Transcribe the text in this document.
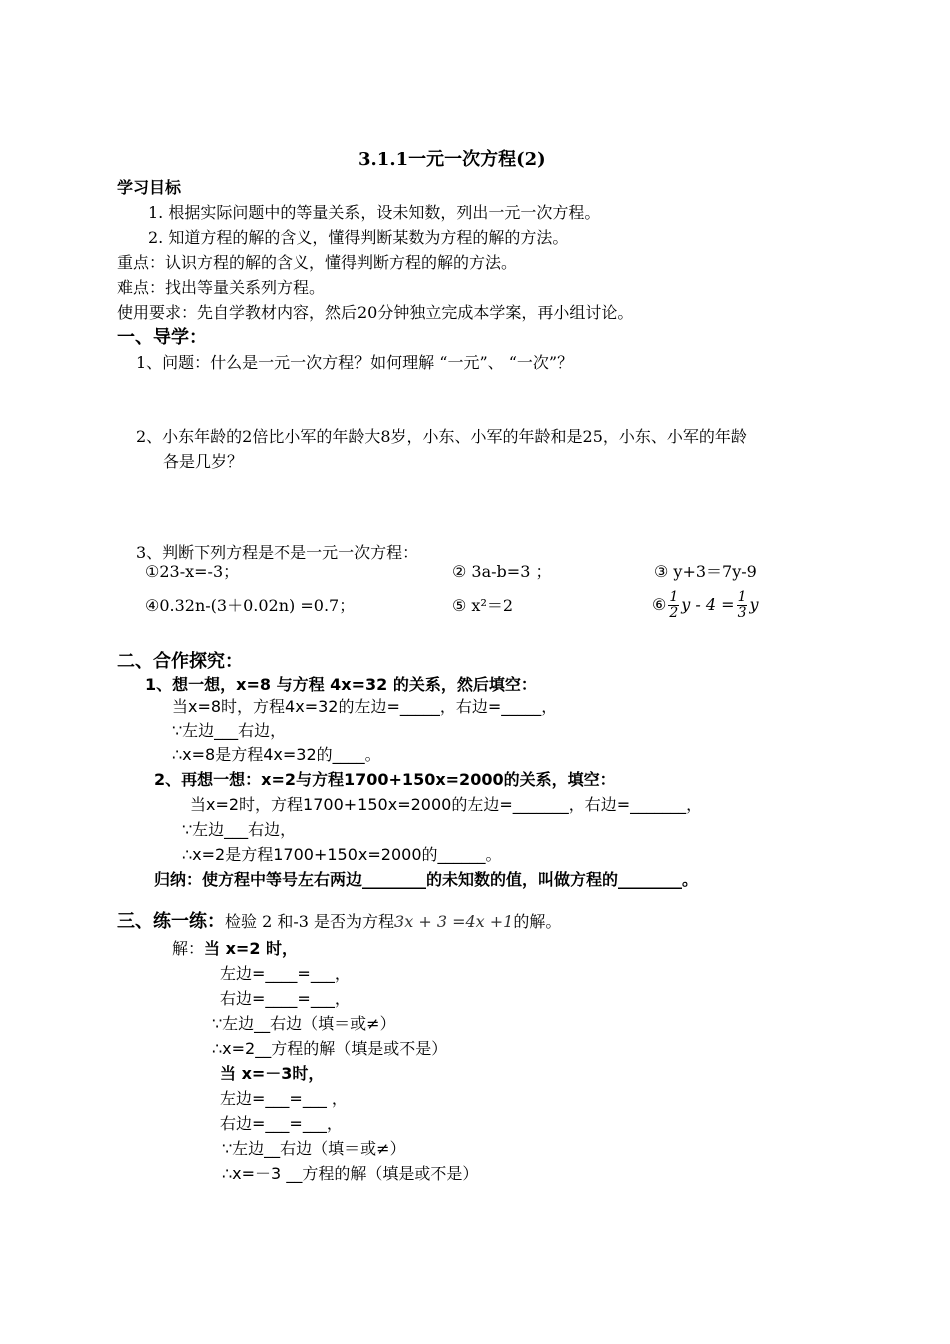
3.1.1一元一次方程(2)
学习目标
1. 根据实际问题中的等量关系，设未知数，列出一元一次方程。
2. 知道方程的解的含义，懂得判断某数为方程的解的方法。
重点：认识方程的解的含义，懂得判断方程的解的方法。
难点：找出等量关系列方程。
使用要求：先自学教材内容，然后20分钟独立完成本学案，再小组讨论。
一、导学：
1、问题：什么是一元一次方程？如何理解 “一元”、 “一次”？
2、小东年龄的2倍比小军的年龄大8岁，小东、小军的年龄和是25，小东、小军的年龄
各是几岁？
3、判断下列方程是不是一元一次方程：
①23-x=-3；	② 3a-b=3 ；	③ y+3＝7y-9
④0.32n-(3＋0.02n) =0.7；	⑤ x²＝2	⑥ $\frac{1}{2}$ $y - 4 = \frac{1}{3}$ y
二、合作探究：
1、想一想，x=8 与方程 4x=32 的关系，然后填空：
当x=8时，方程4x=32的左边=_____，右边=_____，
∵左边___右边，
∴x=8是方程4x=32的____。
2、再想一想：x=2与方程1700+150x=2000的关系，填空：
当x=2时，方程1700+150x=2000的左边=_______，右边=_______，
∵左边___右边，
∴x=2是方程1700+150x=2000的______。
归纳：使方程中等号左右两边________的未知数的值，叫做方程的________。
三、练一练：检验 2 和-3 是否为方程3x + 3 =4x +1的解。
解：当 x=2 时，
左边=____=___，
右边=____=___，
∵左边__右边（填＝或≠）
∴x=2__方程的解（填是或不是）
当 x=－3时，
左边=___=___ ，
右边=___=___，
∵左边__右边（填＝或≠）
∴x=－3 __方程的解（填是或不是）
